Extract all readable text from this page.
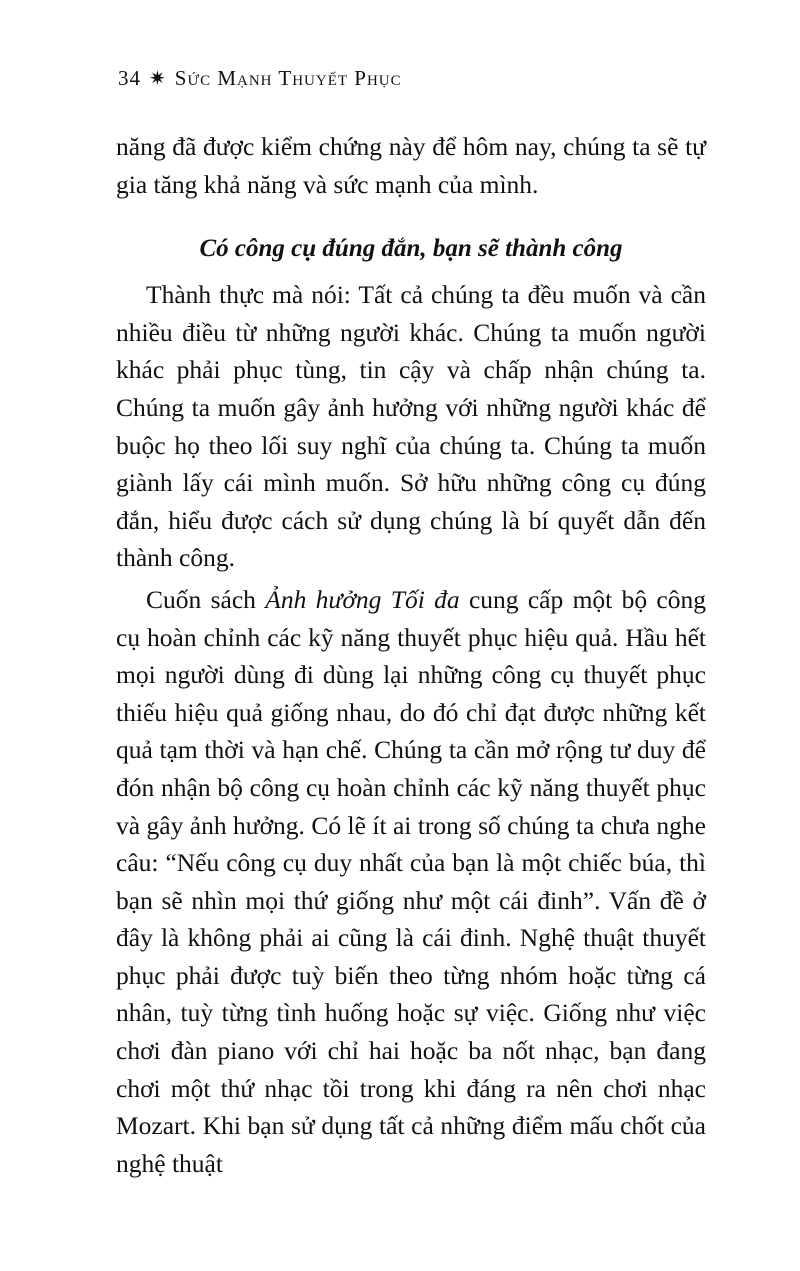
34 ✷ Sức Mạnh Thuyết Phục

năng đã được kiểm chứng này để hôm nay, chúng ta sẽ tự gia tăng khả năng và sức mạnh của mình.

Có công cụ đúng đắn, bạn sẽ thành công

Thành thực mà nói: Tất cả chúng ta đều muốn và cần nhiều điều từ những người khác. Chúng ta muốn người khác phải phục tùng, tin cậy và chấp nhận chúng ta. Chúng ta muốn gây ảnh hưởng với những người khác để buộc họ theo lối suy nghĩ của chúng ta. Chúng ta muốn giành lấy cái mình muốn. Sở hữu những công cụ đúng đắn, hiểu được cách sử dụng chúng là bí quyết dẫn đến thành công.

Cuốn sách Ảnh hưởng Tối đa cung cấp một bộ công cụ hoàn chỉnh các kỹ năng thuyết phục hiệu quả. Hầu hết mọi người dùng đi dùng lại những công cụ thuyết phục thiếu hiệu quả giống nhau, do đó chỉ đạt được những kết quả tạm thời và hạn chế. Chúng ta cần mở rộng tư duy để đón nhận bộ công cụ hoàn chỉnh các kỹ năng thuyết phục và gây ảnh hưởng. Có lẽ ít ai trong số chúng ta chưa nghe câu: “Nếu công cụ duy nhất của bạn là một chiếc búa, thì bạn sẽ nhìn mọi thứ giống như một cái đinh”. Vấn đề ở đây là không phải ai cũng là cái đinh. Nghệ thuật thuyết phục phải được tuỳ biến theo từng nhóm hoặc từng cá nhân, tuỳ từng tình huống hoặc sự việc. Giống như việc chơi đàn piano với chỉ hai hoặc ba nốt nhạc, bạn đang chơi một thứ nhạc tồi trong khi đáng ra nên chơi nhạc Mozart. Khi bạn sử dụng tất cả những điểm mấu chốt của nghệ thuật
